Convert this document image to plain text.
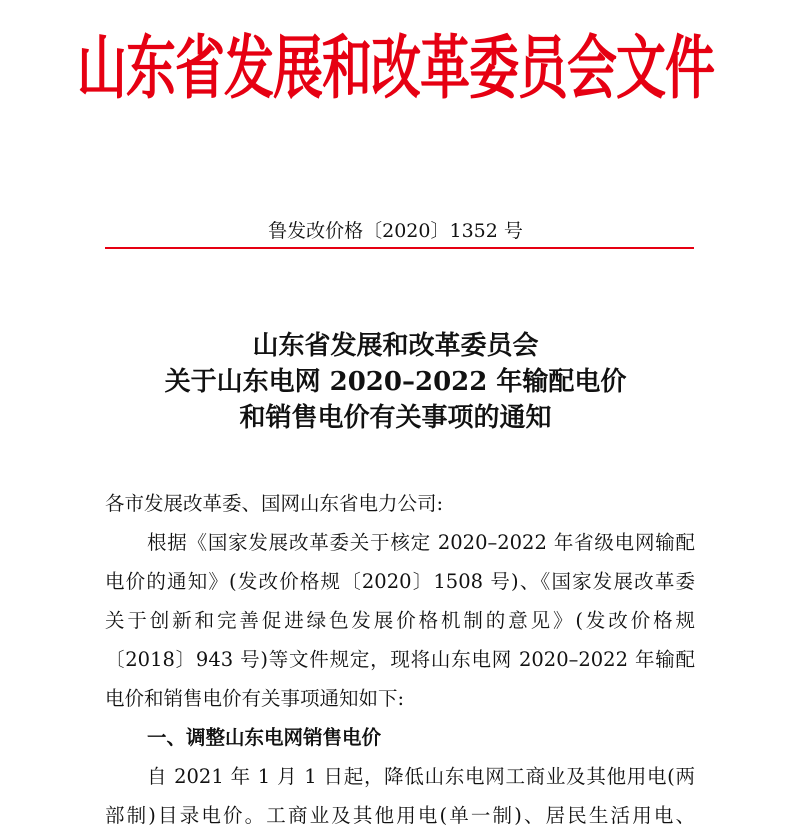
山东省发展和改革委员会文件
鲁发改价格〔2020〕1352 号
山东省发展和改革委员会
关于山东电网 2020–2022 年输配电价
和销售电价有关事项的通知
各市发展改革委、国网山东省电力公司:
根据《国家发展改革委关于核定 2020–2022 年省级电网输配
电价的通知》(发改价格规〔2020〕1508 号)、《国家发展改革委
关于创新和完善促进绿色发展价格机制的意见》(发改价格规
〔2018〕943 号)等文件规定，现将山东电网 2020–2022 年输配
电价和销售电价有关事项通知如下:
一、调整山东电网销售电价
自 2021 年 1 月 1 日起，降低山东电网工商业及其他用电(两
部制)目录电价。工商业及其他用电(单一制)、居民生活用电、
